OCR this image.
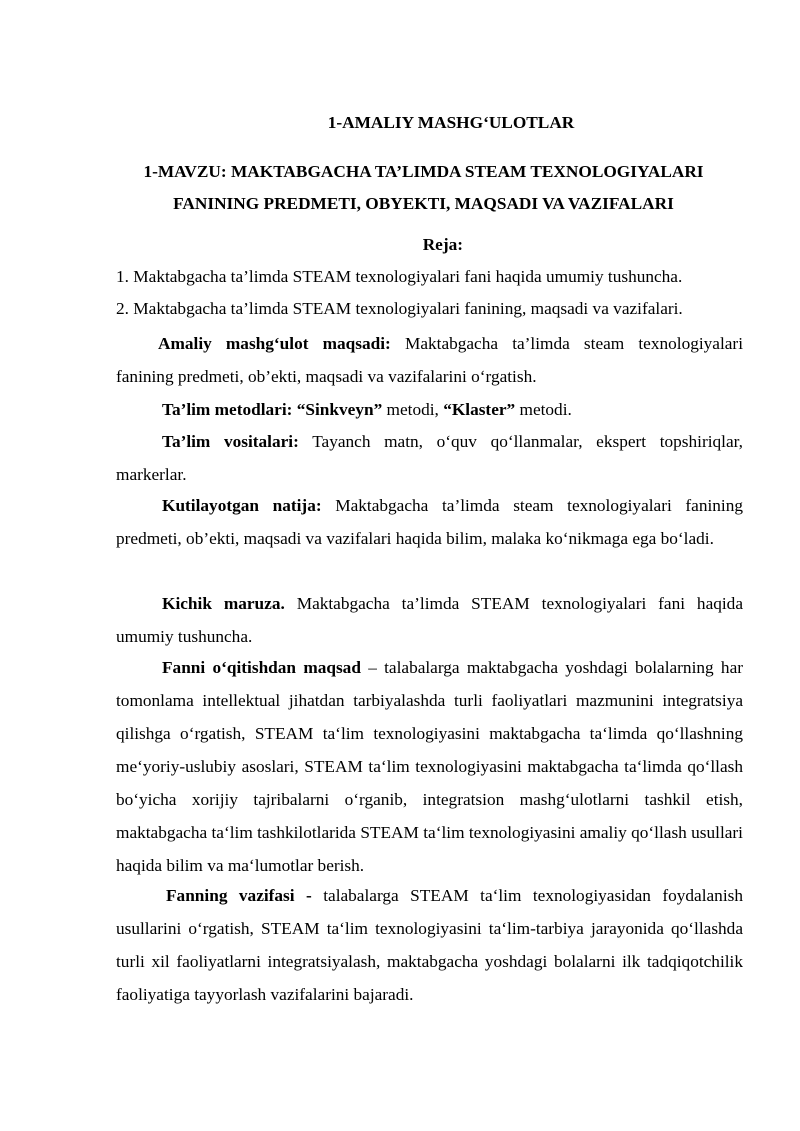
1-AMALIY MASHG‘ULOTLAR

1-MAVZU: MAKTABGACHA TA’LIMDA STEAM TEXNOLOGIYALARI
FANINING PREDMETI, OBYEKTI, MAQSADI VA VAZIFALARI

Reja:
1. Maktabgacha ta’limda STEAM texnologiyalari fani haqida umumiy tushuncha.
2. Maktabgacha ta’limda STEAM texnologiyalari fanining, maqsadi va vazifalari.

Amaliy mashg‘ulot maqsadi: Maktabgacha ta’limda steam texnologiyalari fanining predmeti, ob’ekti, maqsadi va vazifalarini o‘rgatish.

Ta’lim metodlari: “Sinkveyn” metodi, “Klaster” metodi.

Ta’lim vositalari: Tayanch matn, o‘quv qo‘llanmalar, ekspert topshiriqlar, markerlar.

Kutilayotgan natija: Maktabgacha ta’limda steam texnologiyalari fanining predmeti, ob’ekti, maqsadi va vazifalari haqida bilim, malaka ko‘nikmaga ega bo‘ladi.

Kichik maruza. Maktabgacha ta’limda STEAM texnologiyalari fani haqida umumiy tushuncha.

Fanni o‘qitishdan maqsad – talabalarga maktabgacha yoshdagi bolalarning har tomonlama intellektual jihatdan tarbiyalashda turli faoliyatlari mazmunini integratsiya qilishga o‘rgatish, STEAM ta‘lim texnologiyasini maktabgacha ta‘limda qo‘llashning me‘yoriy-uslubiy asoslari, STEAM ta‘lim texnologiyasini maktabgacha ta‘limda qo‘llash bo‘yicha xorijiy tajribalarni o‘rganib, integratsion mashg‘ulotlarni tashkil etish, maktabgacha ta‘lim tashkilotlarida STEAM ta‘lim texnologiyasini amaliy qo‘llash usullari haqida bilim va ma‘lumotlar berish.

Fanning vazifasi - talabalarga STEAM ta‘lim texnologiyasidan foydalanish usullarini o‘rgatish, STEAM ta‘lim texnologiyasini ta‘lim-tarbiya jarayonida qo‘llashda turli xil faoliyatlarni integratsiyalash, maktabgacha yoshdagi bolalarni ilk tadqiqotchilik faoliyatiga tayyorlash vazifalarini bajaradi.
